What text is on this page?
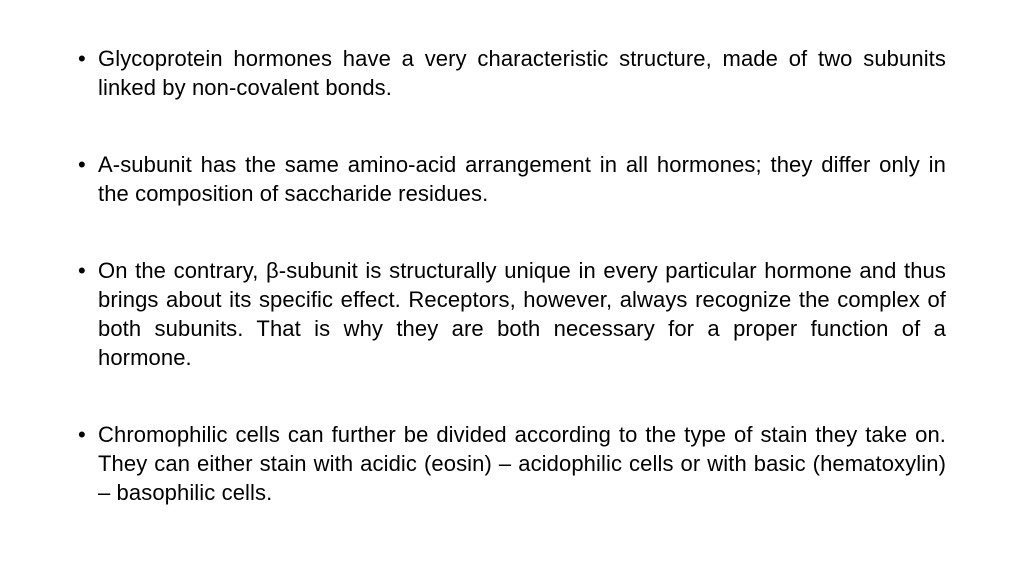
• Glycoprotein hormones have a very characteristic structure, made of two subunits linked by non-covalent bonds.
• A-subunit has the same amino-acid arrangement in all hormones; they differ only in the composition of saccharide residues.
• On the contrary, β-subunit is structurally unique in every particular hormone and thus brings about its specific effect. Receptors, however, always recognize the complex of both subunits. That is why they are both necessary for a proper function of a hormone.
• Chromophilic cells can further be divided according to the type of stain they take on. They can either stain with acidic (eosin) – acidophilic cells or with basic (hematoxylin) – basophilic cells.
